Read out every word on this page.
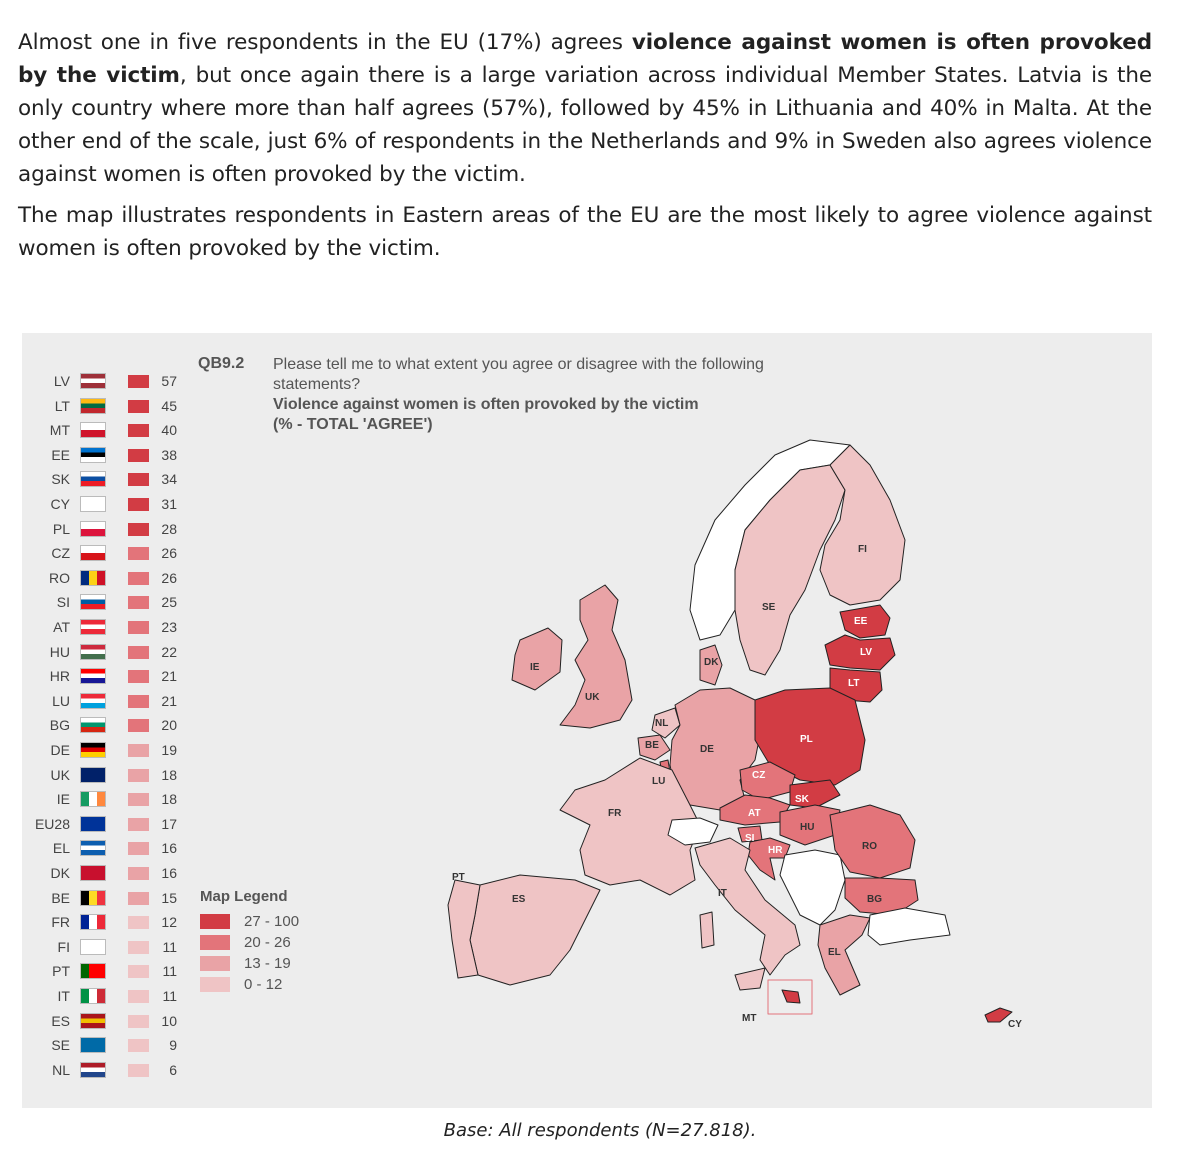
Almost one in five respondents in the EU (17%) agrees violence against women is often provoked by the victim, but once again there is a large variation across individual Member States. Latvia is the only country where more than half agrees (57%), followed by 45% in Lithuania and 40% in Malta. At the other end of the scale, just 6% of respondents in the Netherlands and 9% in Sweden also agrees violence against women is often provoked by the victim.

The map illustrates respondents in Eastern areas of the EU are the most likely to agree violence against women is often provoked by the victim.

QB9.2 Please tell me to what extent you agree or disagree with the following statements?
Violence against women is often provoked by the victim
(% - TOTAL 'AGREE')
LV	57
LT	45
MT	40
EE	38
SK	34
CY	31
PL	28
CZ	26
RO	26
SI	25
AT	23
HU	22
HR	21
LU	21
BG	20
DE	19
UK	18
IE	18
EU28	17
EL	16
DK	16
BE	15
FR	12
FI	11
PT	11
IT	11
ES	10
SE	9
NL	6
Map Legend
27 - 100
20 - 26
13 - 19
0 - 12
FI
SE
EE
LV
LT
IE	DK
UK
NL
PL
BE	DE
LU
CZ
SK
FR	AT
HU
SI
HR	RO
PT
ES
IT
BG
EL
MT
CY
Base: All respondents (N=27.818).
